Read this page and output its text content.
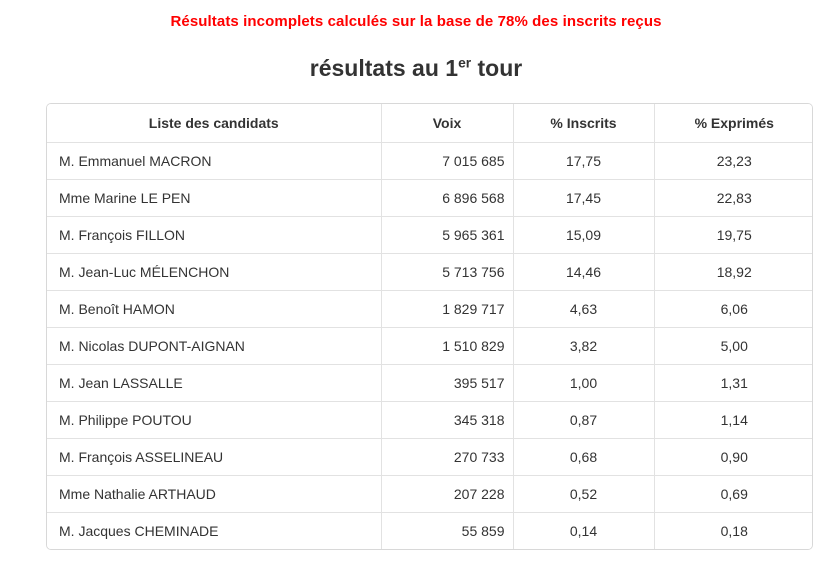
Résultats incomplets calculés sur la base de 78% des inscrits reçus
résultats au 1er tour
Liste des candidats	Voix	% Inscrits	% Exprimés
M. Emmanuel MACRON	7 015 685	17,75	23,23
Mme Marine LE PEN	6 896 568	17,45	22,83
M. François FILLON	5 965 361	15,09	19,75
M. Jean-Luc MÉLENCHON	5 713 756	14,46	18,92
M. Benoît HAMON	1 829 717	4,63	6,06
M. Nicolas DUPONT-AIGNAN	1 510 829	3,82	5,00
M. Jean LASSALLE	395 517	1,00	1,31
M. Philippe POUTOU	345 318	0,87	1,14
M. François ASSELINEAU	270 733	0,68	0,90
Mme Nathalie ARTHAUD	207 228	0,52	0,69
M. Jacques CHEMINADE	55 859	0,14	0,18
